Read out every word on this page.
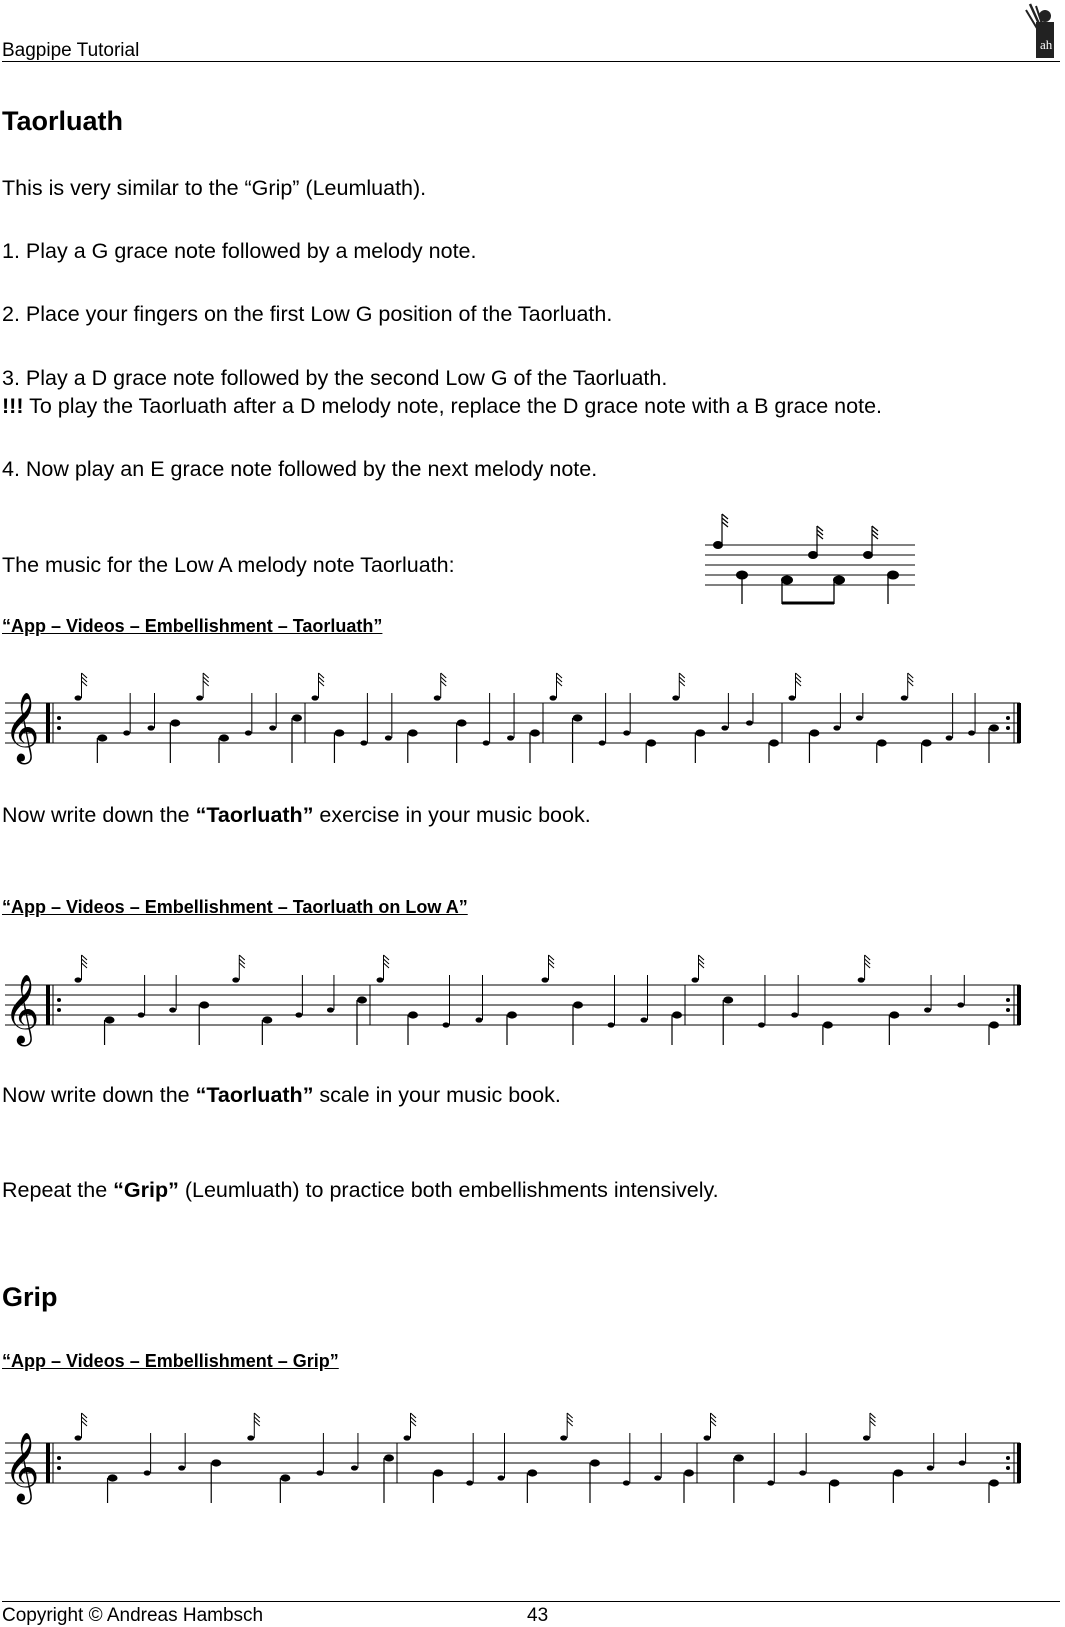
Bagpipe Tutorial	ah
Taorluath
This is very similar to the “Grip” (Leumluath).
1. Play a G grace note followed by a melody note.
2. Place your fingers on the first Low G position of the Taorluath.
3. Play a D grace note followed by the second Low G of the Taorluath.
!!! To play the Taorluath after a D melody note, replace the D grace note with a B grace note.
4. Now play an E grace note followed by the next melody note.
The music for the Low A melody note Taorluath:
“App – Videos – Embellishment – Taorluath”
𝄞
Now write down the “Taorluath” exercise in your music book.
“App – Videos – Embellishment – Taorluath on Low A”
𝄞
Now write down the “Taorluath” scale in your music book.
Repeat the “Grip” (Leumluath) to practice both embellishments intensively.
Grip
“App – Videos – Embellishment – Grip”
𝄞
Copyright © Andreas Hambsch	43
